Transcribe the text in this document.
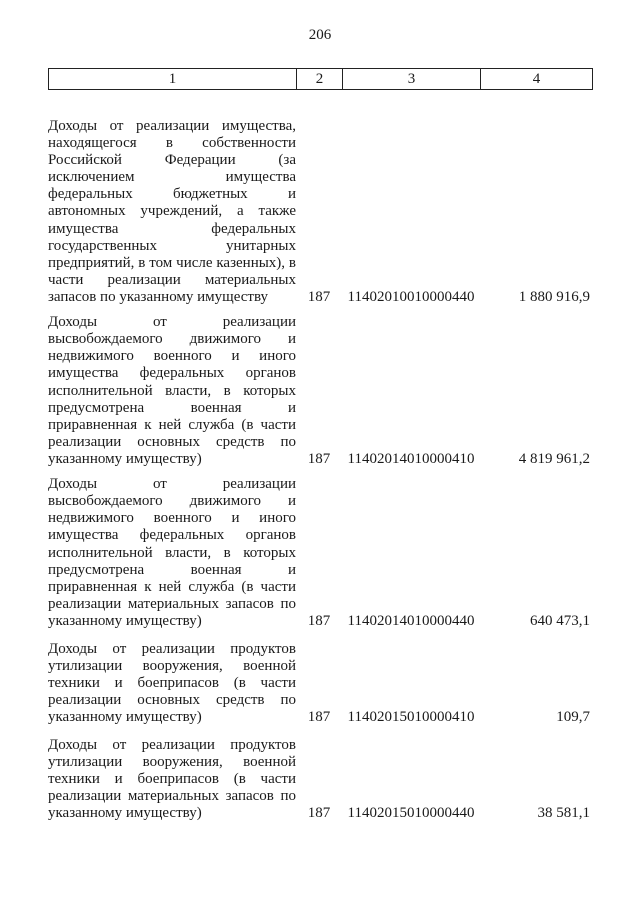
206
1	2	3	4
Доходы от реализации имущества, находящегося в собственности Российской Федерации (за исключением имущества федеральных бюджетных и автономных учреждений, а также имущества федеральных государственных унитарных предприятий, в том числе казенных), в части реализации материальных запасов по указанному имуществу	187	11402010010000440	1 880 916,9
Доходы от реализации высвобождаемого движимого и недвижимого военного и иного имущества федеральных органов исполнительной власти, в которых предусмотрена военная и приравненная к ней служба (в части реализации основных средств по указанному имуществу)	187	11402014010000410	4 819 961,2
Доходы от реализации высвобождаемого движимого и недвижимого военного и иного имущества федеральных органов исполнительной власти, в которых предусмотрена военная и приравненная к ней служба (в части реализации материальных запасов по указанному имуществу)	187	11402014010000440	640 473,1
Доходы от реализации продуктов утилизации вооружения, военной техники и боеприпасов (в части реализации основных средств по указанному имуществу)	187	11402015010000410	109,7
Доходы от реализации продуктов утилизации вооружения, военной техники и боеприпасов (в части реализации материальных запасов по указанному имуществу)	187	11402015010000440	38 581,1
